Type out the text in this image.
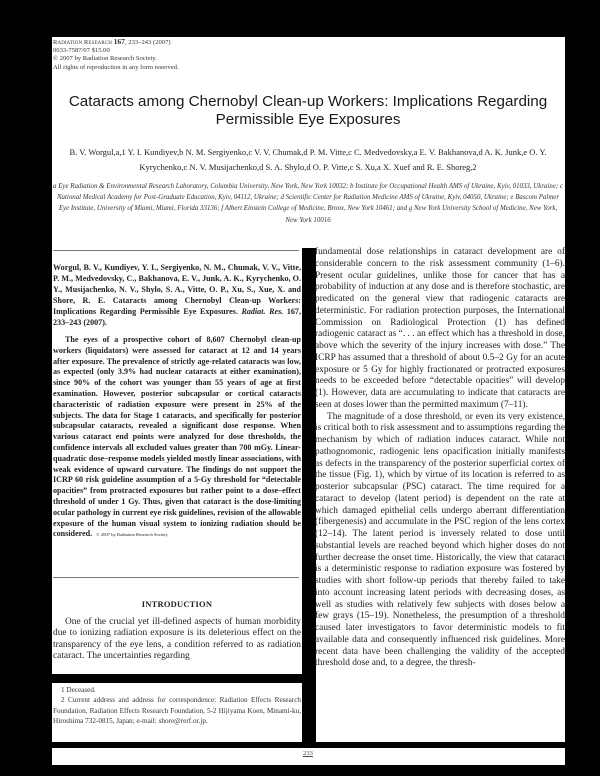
Radiation Research 167, 233–243 (2007)
0033-7587/07 $15.00
© 2007 by Radiation Research Society.
All rights of reproduction in any form reserved.
Cataracts among Chernobyl Clean-up Workers: Implications Regarding Permissible Eye Exposures
B. V. Worgul,a,1 Y. I. Kundiyev,b N. M. Sergiyenko,c V. V. Chumak,d P. M. Vitte,c C. Medvedovsky,a E. V. Bakhanova,d A. K. Junk,e O. Y. Kyrychenko,c N. V. Musijachenko,d S. A. Shylo,d O. P. Vitte,c S. Xu,a X. Xuef and R. E. Shoreg,2
a Eye Radiation & Environmental Research Laboratory, Columbia University, New York, New York 10032; b Institute for Occupational Health AMS of Ukraine, Kyiv, 01033, Ukraine; c National Medical Academy for Post-Graduate Education, Kyiv, 04112, Ukraine; d Scientific Center for Radiation Medicine AMS of Ukraine, Kyiv, 04050, Ukraine; e Bascom Palmer Eye Institute, University of Miami, Miami, Florida 33136; f Albert Einstein College of Medicine, Bronx, New York 10461; and g New York University School of Medicine, New York, New York 10016
Worgul, B. V., Kundiyev, Y. I., Sergiyenko, N. M., Chumak, V. V., Vitte, P. M., Medvedovsky, C., Bakhanova, E. V., Junk, A. K., Kyrychenko, O. Y., Musijachenko, N. V., Shylo, S. A., Vitte, O. P., Xu, S., Xue, X. and Shore, R. E. Cataracts among Chernobyl Clean-up Workers: Implications Regarding Permissible Eye Exposures. Radiat. Res. 167, 233–243 (2007).

The eyes of a prospective cohort of 8,607 Chernobyl clean-up workers (liquidators) were assessed for cataract at 12 and 14 years after exposure. The prevalence of strictly age-related cataracts was low, as expected (only 3.9% had nuclear cataracts at either examination), since 90% of the cohort was younger than 55 years of age at first examination. However, posterior subcapsular or cortical cataracts characteristic of radiation exposure were present in 25% of the subjects. The data for Stage 1 cataracts, and specifically for posterior subcapsular cataracts, revealed a significant dose response. When various cataract end points were analyzed for dose thresholds, the confidence intervals all excluded values greater than 700 mGy. Linear-quadratic dose–response models yielded mostly linear associations, with weak evidence of upward curvature. The findings do not support the ICRP 60 risk guideline assumption of a 5-Gy threshold for “detectable opacities” from protracted exposures but rather point to a dose–effect threshold of under 1 Gy. Thus, given that cataract is the dose-limiting ocular pathology in current eye risk guidelines, revision of the allowable exposure of the human visual system to ionizing radiation should be considered. © 2007 by Radiation Research Society

INTRODUCTION

One of the crucial yet ill-defined aspects of human morbidity due to ionizing radiation exposure is its deleterious effect on the transparency of the eye lens, a condition referred to as radiation cataract. The uncertainties regarding

1 Deceased.

2 Current address and address for correspondence: Radiation Effects Research Foundation, Radiation Effects Research Foundation, 5-2 Hijiyama Koen, Minami-ku, Hiroshima 732-0815, Japan; e-mail: shore@rerf.or.jp.

fundamental dose relationships in cataract development are of considerable concern to the risk assessment community (1–6). Present ocular guidelines, unlike those for cancer that has a probability of induction at any dose and is therefore stochastic, are predicated on the general view that radiogenic cataracts are deterministic. For radiation protection purposes, the International Commission on Radiological Protection (1) has defined radiogenic cataract as “. . . an effect which has a threshold in dose, above which the severity of the injury increases with dose.” The ICRP has assumed that a threshold of about 0.5–2 Gy for an acute exposure or 5 Gy for highly fractionated or protracted exposures needs to be exceeded before “detectable opacities” will develop (1). However, data are accumulating to indicate that cataracts are seen at doses lower than the permitted maximum (7–11).

The magnitude of a dose threshold, or even its very existence, is critical both to risk assessment and to assumptions regarding the mechanism by which of radiation induces cataract. While not pathognomonic, radiogenic lens opacification initially manifests as defects in the transparency of the posterior superficial cortex of the tissue (Fig. 1), which by virtue of its location is referred to as posterior subcapsular (PSC) cataract. The time required for a cataract to develop (latent period) is dependent on the rate at which damaged epithelial cells undergo aberrant differentiation (fibergenesis) and accumulate in the PSC region of the lens cortex (12–14). The latent period is inversely related to dose until substantial levels are reached beyond which higher doses do not further decrease the onset time. Historically, the view that cataract is a deterministic response to radiation exposure was fostered by studies with short follow-up periods that thereby failed to take into account increasing latent periods with decreasing doses, as well as studies with relatively few subjects with doses below a few grays (15–19). Nonetheless, the presumption of a threshold caused later investigators to favor deterministic models to fit available data and consequently influenced risk guidelines. More recent data have been challenging the validity of the accepted threshold dose and, to a degree, the thresh-

233
